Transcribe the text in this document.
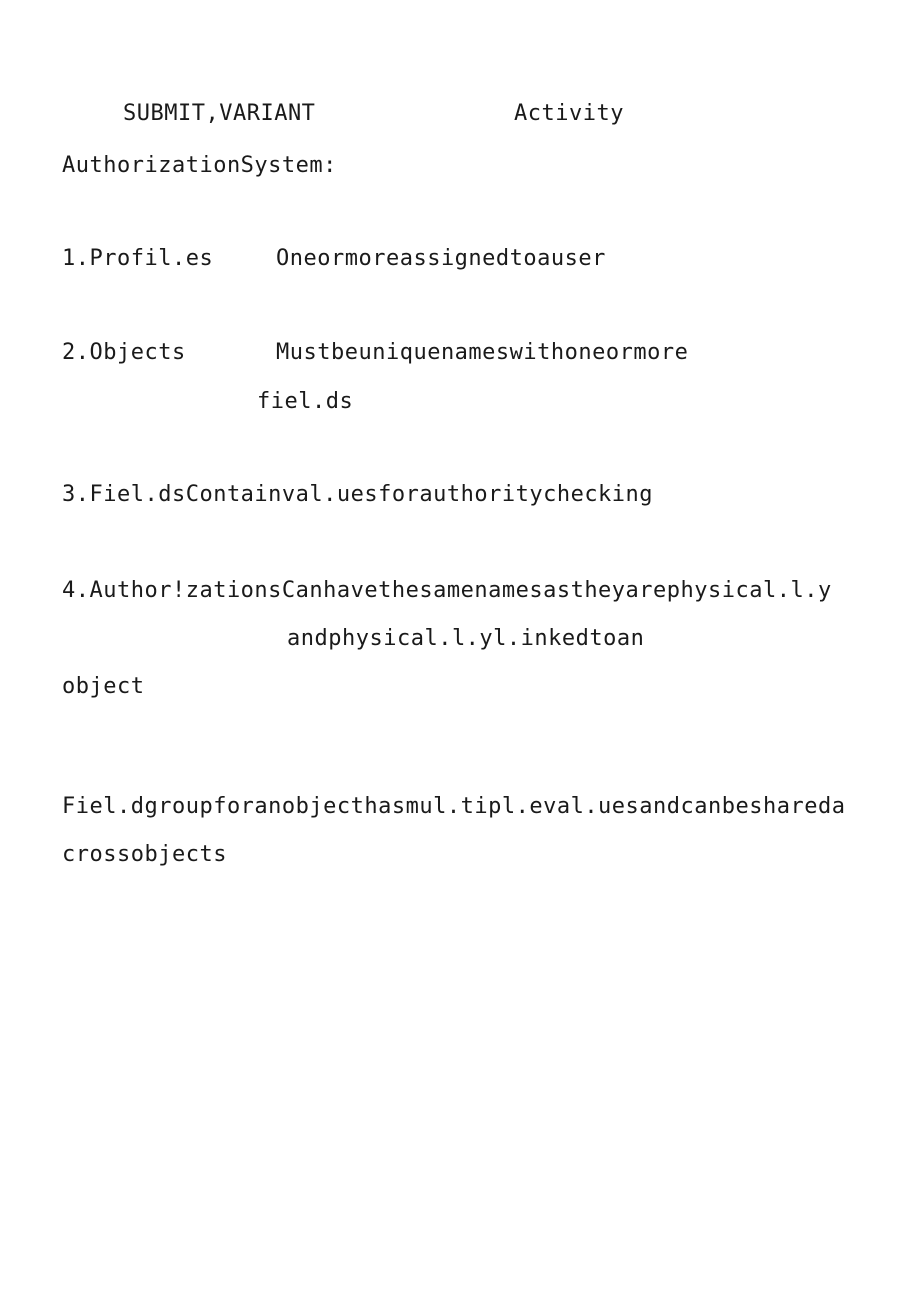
SUBMIT,VARIANT	Activity
AuthorizationSystem:
1.Profil.es	Oneormoreassignedtoauser
2.Objects	Mustbeuniquenameswithoneormore
fiel.ds
3.Fiel.dsContainval.uesforauthoritychecking
4.Author!zationsCanhavethesamenamesastheyarephysical.l.y
andphysical.l.yl.inkedtoan
object
Fiel.dgroupforanobjecthasmul.tipl.eval.uesandcanbeshareda
crossobjects
